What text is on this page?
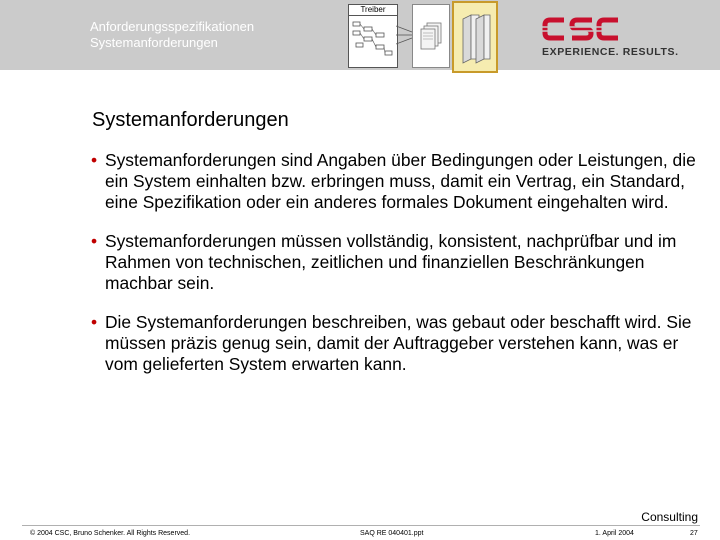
Anforderungsspezifikationen
Systemanforderungen
Treiber
EXPERIENCE. RESULTS.
Systemanforderungen
• Systemanforderungen sind Angaben über Bedingungen oder Leistungen, die ein System einhalten bzw. erbringen muss, damit ein Vertrag, ein Standard, eine Spezifikation oder ein anderes formales Dokument eingehalten wird.
• Systemanforderungen müssen vollständig, konsistent, nachprüfbar und im Rahmen von technischen, zeitlichen und finanziellen Beschränkungen machbar sein.
• Die Systemanforderungen beschreiben, was gebaut oder beschafft wird. Sie müssen präzis genug sein, damit der Auftraggeber verstehen kann, was er vom gelieferten System erwarten kann.
Consulting
© 2004 CSC, Bruno Schenker. All Rights Reserved.	SAQ RE 040401.ppt	1. April 2004	27
